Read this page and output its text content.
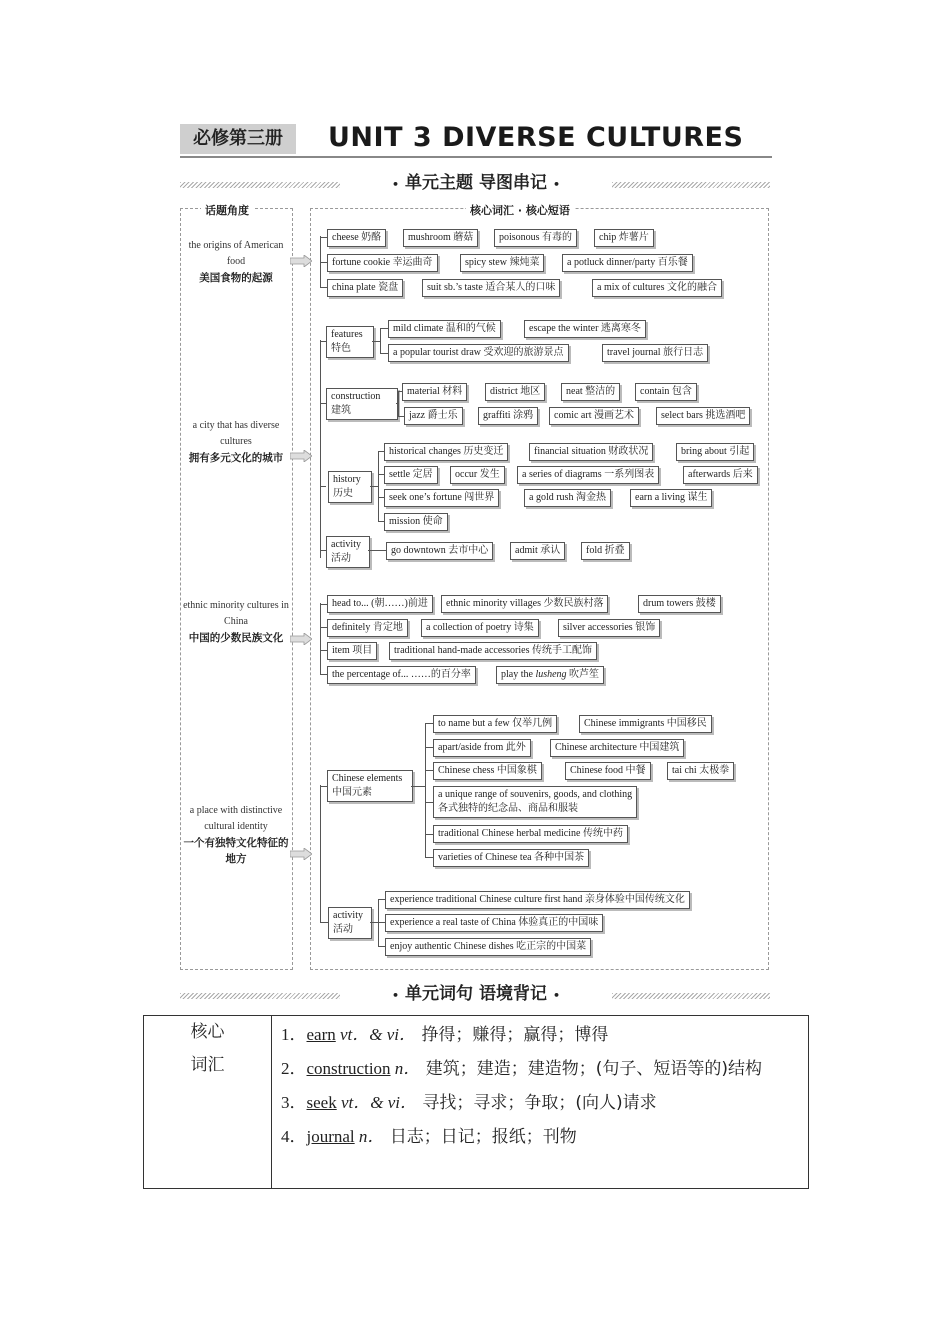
必修第三册	UNIT 3 DIVERSE CULTURES
• 单元主题 导图串记 •
话题角度	核心词汇 · 核心短语
the origins of American food
美国食物的起源
a city that has diverse cultures
拥有多元文化的城市
ethnic minority cultures in China
中国的少数民族文化
a place with distinctive cultural identity
一个有独特文化特征的地方
cheese 奶酪	mushroom 蘑菇	poisonous 有毒的	chip 炸薯片
fortune cookie 幸运曲奇	spicy stew 辣炖菜	a potluck dinner/party 百乐餐
china plate 瓷盘	suit sb.’s taste 适合某人的口味	a mix of cultures 文化的融合
features
特色
mild climate 温和的气候	escape the winter 逃离寒冬
a popular tourist draw 受欢迎的旅游景点	travel journal 旅行日志
construction
建筑
material 材料	district 地区	neat 整洁的	contain 包含
jazz 爵士乐	graffiti 涂鸦	comic art 漫画艺术	select bars 挑选酒吧
history
历史
historical changes 历史变迁	financial situation 财政状况	bring about 引起
settle 定居	occur 发生	a series of diagrams 一系列图表	afterwards 后来
seek one’s fortune 闯世界	a gold rush 淘金热	earn a living 谋生
mission 使命
activity
活动
go downtown 去市中心	admit 承认	fold 折叠
head to... (朝……)前进	ethnic minority villages 少数民族村落	drum towers 鼓楼
definitely 肯定地	a collection of poetry 诗集	silver accessories 银饰
item 项目	traditional hand-made accessories 传统手工配饰
the percentage of... ……的百分率	play the lusheng 吹芦笙
Chinese elements
中国元素
to name but a few 仅举几例	Chinese immigrants 中国移民
apart/aside from 此外	Chinese architecture 中国建筑
Chinese chess 中国象棋	Chinese food 中餐	tai chi 太极拳
a unique range of souvenirs, goods, and clothing
各式独特的纪念品、商品和服装
traditional Chinese herbal medicine 传统中药
varieties of Chinese tea 各种中国茶
activity
活动
experience traditional Chinese culture first hand 亲身体验中国传统文化
experience a real taste of China 体验真正的中国味
enjoy authentic Chinese dishes 吃正宗的中国菜
• 单元词句 语境背记 •
核心
词汇
1．earn vt．& vi． 挣得；赚得；赢得；博得
2．construction n． 建筑；建造；建造物；(句子、短语等的)结构
3．seek vt．& vi． 寻找；寻求；争取；(向人)请求
4．journal n． 日志；日记；报纸；刊物
